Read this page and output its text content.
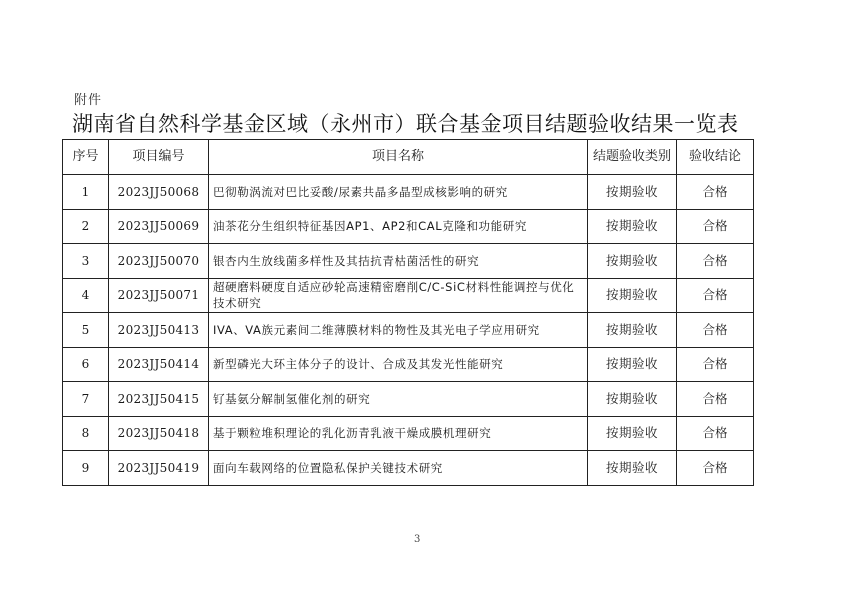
附件
湖南省自然科学基金区域（永州市）联合基金项目结题验收结果一览表
序号	项目编号	项目名称	结题验收类别	验收结论
1	2023JJ50068	巴彻勒涡流对巴比妥酸/尿素共晶多晶型成核影响的研究	按期验收	合格
2	2023JJ50069	油茶花分生组织特征基因AP1、AP2和CAL克隆和功能研究	按期验收	合格
3	2023JJ50070	银杏内生放线菌多样性及其拮抗青枯菌活性的研究	按期验收	合格
4	2023JJ50071	超硬磨料硬度自适应砂轮高速精密磨削C/C-SiC材料性能调控与优化技术研究	按期验收	合格
5	2023JJ50413	IVA、VA族元素间二维薄膜材料的物性及其光电子学应用研究	按期验收	合格
6	2023JJ50414	新型磷光大环主体分子的设计、合成及其发光性能研究	按期验收	合格
7	2023JJ50415	钌基氨分解制氢催化剂的研究	按期验收	合格
8	2023JJ50418	基于颗粒堆积理论的乳化沥青乳液干燥成膜机理研究	按期验收	合格
9	2023JJ50419	面向车载网络的位置隐私保护关键技术研究	按期验收	合格
3
